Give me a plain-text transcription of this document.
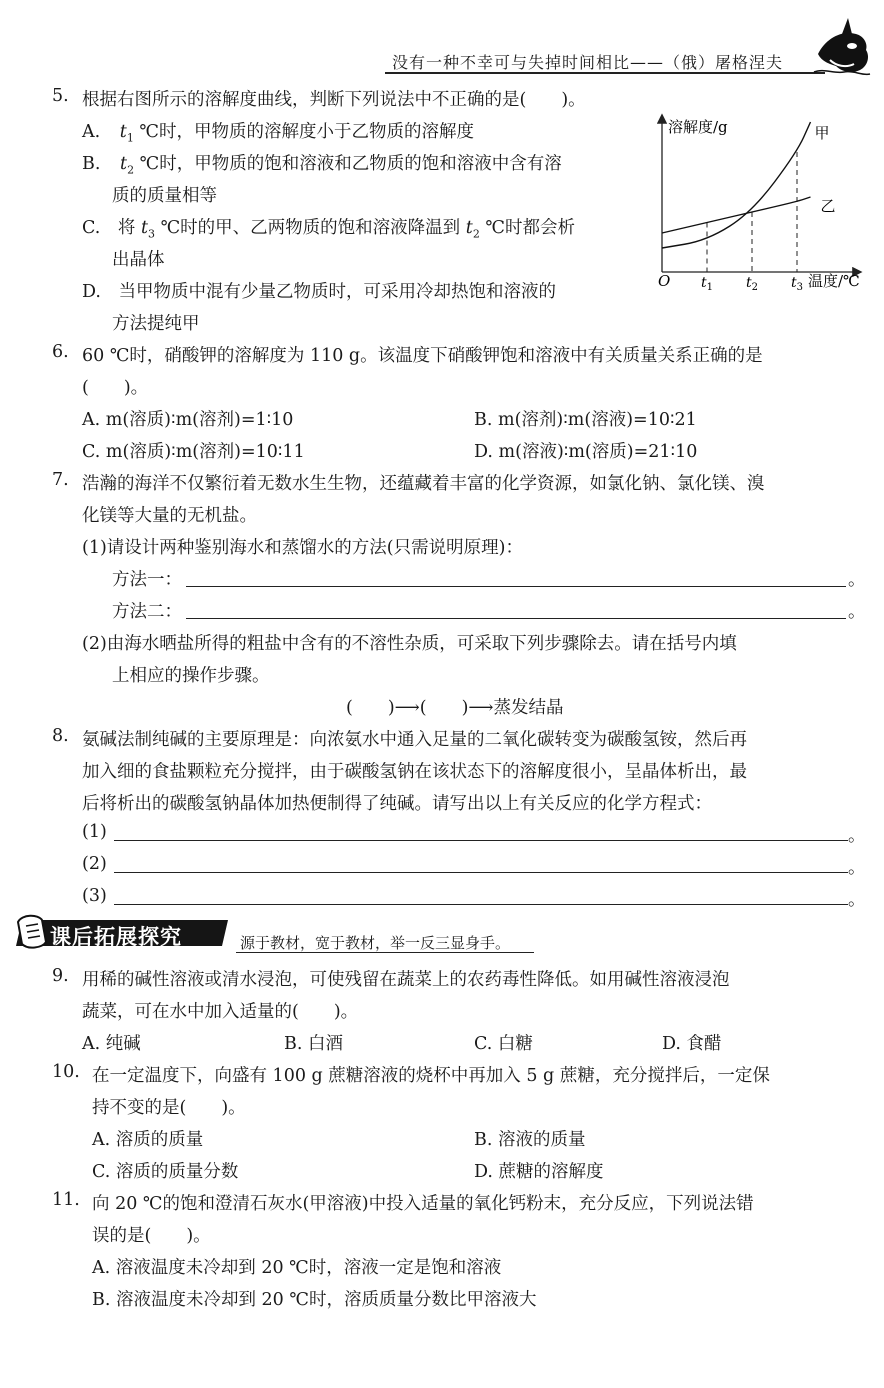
没有一种不幸可与失掉时间相比——（俄）屠格涅夫
5. 根据右图所示的溶解度曲线，判断下列说法中不正确的是(　　)。
A. $t_1$ ℃时，甲物质的溶解度小于乙物质的溶解度
B. $t_2$ ℃时，甲物质的饱和溶液和乙物质的饱和溶液中含有溶
质的质量相等
C. 将 $t_3$ ℃时的甲、乙两物质的饱和溶液降温到 $t_2$ ℃时都会析
出晶体
D. 当甲物质中混有少量乙物质时，可采用冷却热饱和溶液的
方法提纯甲
溶解度/g
O	温度/℃
$t_1$ $t_2$ $t_3$
甲
乙
6. 60 ℃时，硝酸钾的溶解度为 110 g。该温度下硝酸钾饱和溶液中有关质量关系正确的是
(　　)。
A. m(溶质)∶m(溶剂)=1∶10	B. m(溶剂)∶m(溶液)=10∶21
C. m(溶质)∶m(溶剂)=10∶11	D. m(溶液)∶m(溶质)=21∶10
7. 浩瀚的海洋不仅繁衍着无数水生生物，还蕴藏着丰富的化学资源，如氯化钠、氯化镁、溴
化镁等大量的无机盐。
(1)请设计两种鉴别海水和蒸馏水的方法(只需说明原理)：
方法一：	。
方法二：	。
(2)由海水晒盐所得的粗盐中含有的不溶性杂质，可采取下列步骤除去。请在括号内填
上相应的操作步骤。
(　　)⟶(　　)⟶蒸发结晶
8. 氨碱法制纯碱的主要原理是：向浓氨水中通入足量的二氧化碳转变为碳酸氢铵，然后再
加入细的食盐颗粒充分搅拌，由于碳酸氢钠在该状态下的溶解度很小，呈晶体析出，最
后将析出的碳酸氢钠晶体加热便制得了纯碱。请写出以上有关反应的化学方程式：
(1)	。
(2)	。
(3)	。
课后拓展探究	源于教材，宽于教材，举一反三显身手。
9. 用稀的碱性溶液或清水浸泡，可使残留在蔬菜上的农药毒性降低。如用碱性溶液浸泡
蔬菜，可在水中加入适量的(　　)。
A. 纯碱	B. 白酒	C. 白糖	D. 食醋
10. 在一定温度下，向盛有 100 g 蔗糖溶液的烧杯中再加入 5 g 蔗糖，充分搅拌后，一定保
持不变的是(　　)。
A. 溶质的质量	B. 溶液的质量
C. 溶质的质量分数	D. 蔗糖的溶解度
11. 向 20 ℃的饱和澄清石灰水(甲溶液)中投入适量的氧化钙粉末，充分反应，下列说法错
误的是(　　)。
A. 溶液温度未冷却到 20 ℃时，溶液一定是饱和溶液
B. 溶液温度未冷却到 20 ℃时，溶质质量分数比甲溶液大
